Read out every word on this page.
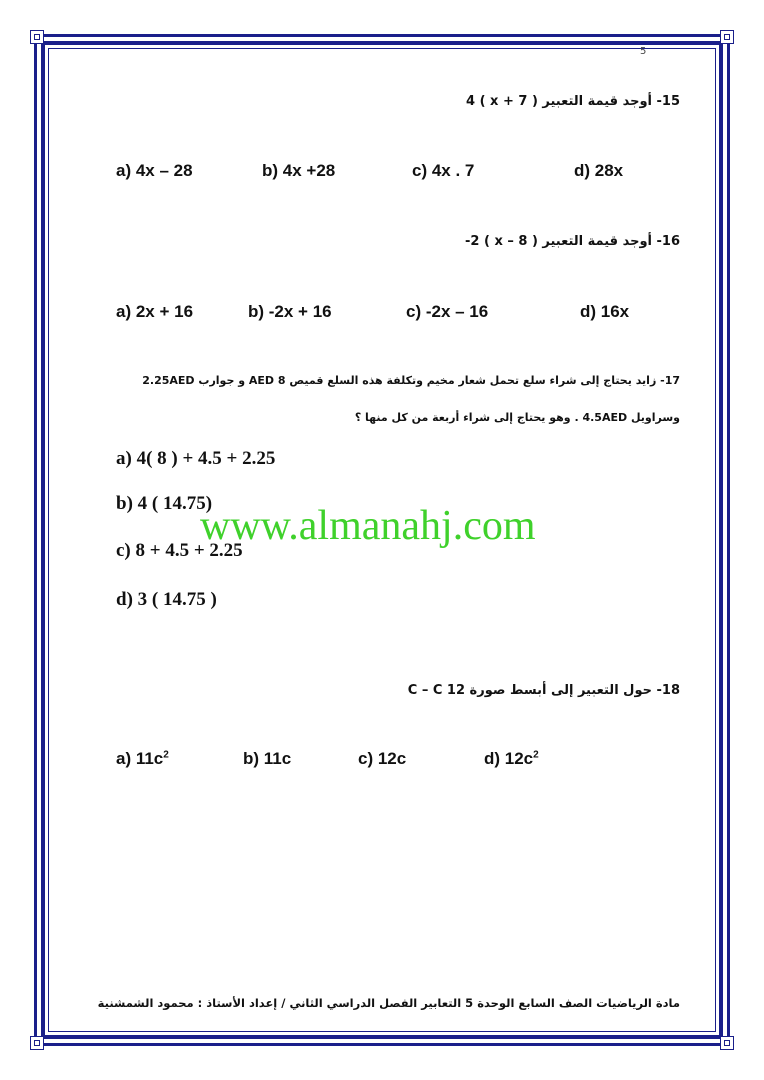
5
15- أوجد قيمة التعبير ( x + 7 ) 4
a) 4x – 28	b) 4x +28	c) 4x . 7	d) 28x
16- أوجد قيمة التعبير ( x – 8 ) 2-
a) 2x + 16	b) -2x + 16	c) -2x – 16	d) 16x
17- زايد يحتاج إلى شراء سلع تحمل شعار مخيم وتكلفة هذه السلع قميص 8 AED و جوارب 2.25AED
وسراويل 4.5AED . وهو يحتاج إلى شراء أربعة من كل منها ؟
a) 4( 8 ) + 4.5 + 2.25
b) 4 ( 14.75)
c) 8 + 4.5 + 2.25
d) 3 ( 14.75 )
www.almanahj.com
18- حول التعبير إلى أبسط صورة 12 C – C
a) $11c^2$	b) 11c	c) 12c	d) $12c^2$
مادة الرياضيات الصف السابع الوحدة 5 التعابير الفصل الدراسي الثاني / إعداد الأستاذ : محمود الشمشنية
